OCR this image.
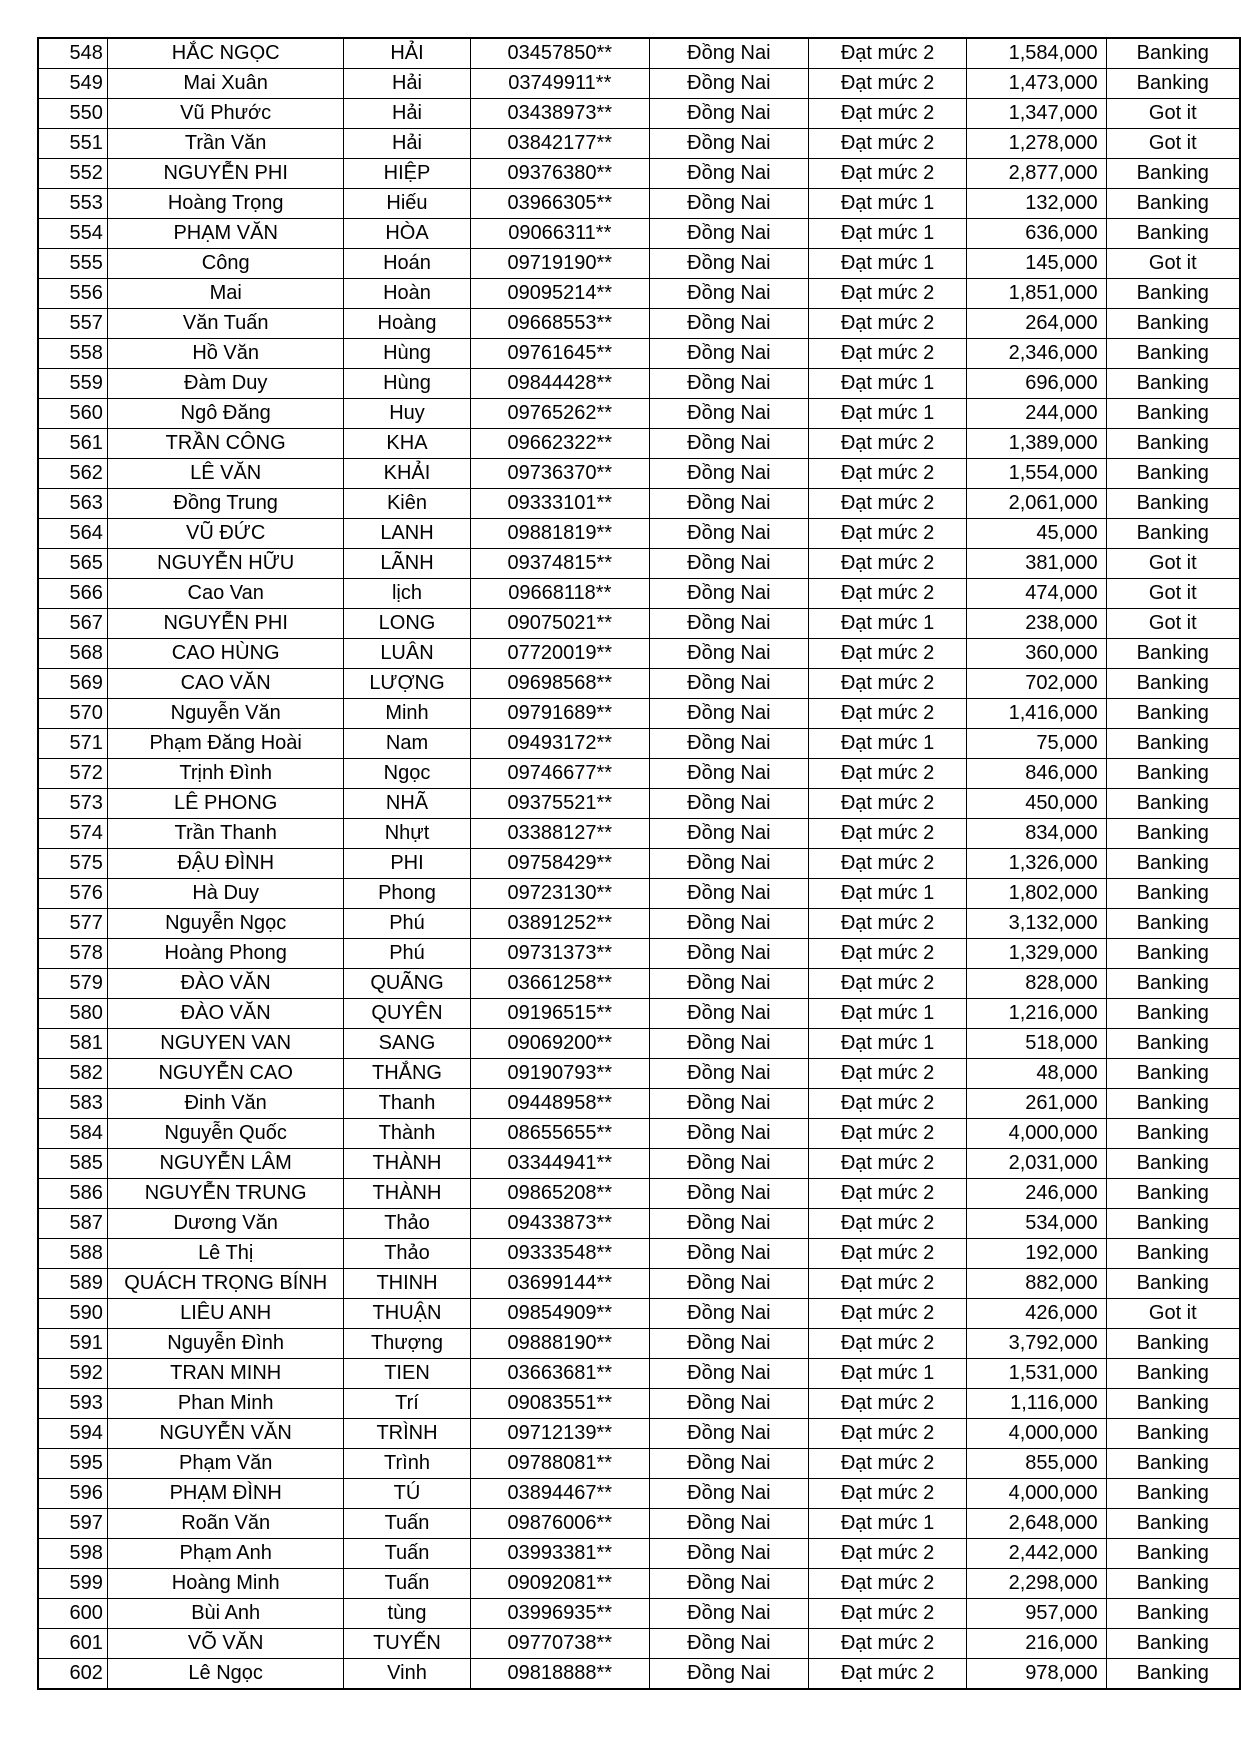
548	HẮC NGỌC	HẢI	03457850**	Đồng Nai	Đạt mức 2	1,584,000	Banking
549	Mai Xuân	Hải	03749911**	Đồng Nai	Đạt mức 2	1,473,000	Banking
550	Vũ Phước	Hải	03438973**	Đồng Nai	Đạt mức 2	1,347,000	Got it
551	Trần Văn	Hải	03842177**	Đồng Nai	Đạt mức 2	1,278,000	Got it
552	NGUYỄN PHI	HIỆP	09376380**	Đồng Nai	Đạt mức 2	2,877,000	Banking
553	Hoàng Trọng	Hiếu	03966305**	Đồng Nai	Đạt mức 1	132,000	Banking
554	PHẠM VĂN	HÒA	09066311**	Đồng Nai	Đạt mức 1	636,000	Banking
555	Công	Hoán	09719190**	Đồng Nai	Đạt mức 1	145,000	Got it
556	Mai	Hoàn	09095214**	Đồng Nai	Đạt mức 2	1,851,000	Banking
557	Văn Tuấn	Hoàng	09668553**	Đồng Nai	Đạt mức 2	264,000	Banking
558	Hồ Văn	Hùng	09761645**	Đồng Nai	Đạt mức 2	2,346,000	Banking
559	Đàm Duy	Hùng	09844428**	Đồng Nai	Đạt mức 1	696,000	Banking
560	Ngô Đăng	Huy	09765262**	Đồng Nai	Đạt mức 1	244,000	Banking
561	TRẦN CÔNG	KHA	09662322**	Đồng Nai	Đạt mức 2	1,389,000	Banking
562	LÊ VĂN	KHẢI	09736370**	Đồng Nai	Đạt mức 2	1,554,000	Banking
563	Đồng Trung	Kiên	09333101**	Đồng Nai	Đạt mức 2	2,061,000	Banking
564	VŨ ĐỨC	LANH	09881819**	Đồng Nai	Đạt mức 2	45,000	Banking
565	NGUYỄN HỮU	LÃNH	09374815**	Đồng Nai	Đạt mức 2	381,000	Got it
566	Cao Van	lịch	09668118**	Đồng Nai	Đạt mức 2	474,000	Got it
567	NGUYỄN PHI	LONG	09075021**	Đồng Nai	Đạt mức 1	238,000	Got it
568	CAO HÙNG	LUÂN	07720019**	Đồng Nai	Đạt mức 2	360,000	Banking
569	CAO VĂN	LƯỢNG	09698568**	Đồng Nai	Đạt mức 2	702,000	Banking
570	Nguyễn Văn	Minh	09791689**	Đồng Nai	Đạt mức 2	1,416,000	Banking
571	Phạm Đăng Hoài	Nam	09493172**	Đồng Nai	Đạt mức 1	75,000	Banking
572	Trịnh Đình	Ngọc	09746677**	Đồng Nai	Đạt mức 2	846,000	Banking
573	LÊ PHONG	NHÃ	09375521**	Đồng Nai	Đạt mức 2	450,000	Banking
574	Trần Thanh	Nhựt	03388127**	Đồng Nai	Đạt mức 2	834,000	Banking
575	ĐẬU ĐÌNH	PHI	09758429**	Đồng Nai	Đạt mức 2	1,326,000	Banking
576	Hà Duy	Phong	09723130**	Đồng Nai	Đạt mức 1	1,802,000	Banking
577	Nguyễn Ngọc	Phú	03891252**	Đồng Nai	Đạt mức 2	3,132,000	Banking
578	Hoàng Phong	Phú	09731373**	Đồng Nai	Đạt mức 2	1,329,000	Banking
579	ĐÀO VĂN	QUÃNG	03661258**	Đồng Nai	Đạt mức 2	828,000	Banking
580	ĐÀO VĂN	QUYÊN	09196515**	Đồng Nai	Đạt mức 1	1,216,000	Banking
581	NGUYEN VAN	SANG	09069200**	Đồng Nai	Đạt mức 1	518,000	Banking
582	NGUYỄN CAO	THẮNG	09190793**	Đồng Nai	Đạt mức 2	48,000	Banking
583	Đinh Văn	Thanh	09448958**	Đồng Nai	Đạt mức 2	261,000	Banking
584	Nguyễn Quốc	Thành	08655655**	Đồng Nai	Đạt mức 2	4,000,000	Banking
585	NGUYỄN LÂM	THÀNH	03344941**	Đồng Nai	Đạt mức 2	2,031,000	Banking
586	NGUYỄN TRUNG	THÀNH	09865208**	Đồng Nai	Đạt mức 2	246,000	Banking
587	Dương Văn	Thảo	09433873**	Đồng Nai	Đạt mức 2	534,000	Banking
588	Lê Thị	Thảo	09333548**	Đồng Nai	Đạt mức 2	192,000	Banking
589	QUÁCH TRỌNG BÍNH	THINH	03699144**	Đồng Nai	Đạt mức 2	882,000	Banking
590	LIÊU ANH	THUẬN	09854909**	Đồng Nai	Đạt mức 2	426,000	Got it
591	Nguyễn Đình	Thượng	09888190**	Đồng Nai	Đạt mức 2	3,792,000	Banking
592	TRAN MINH	TIEN	03663681**	Đồng Nai	Đạt mức 1	1,531,000	Banking
593	Phan Minh	Trí	09083551**	Đồng Nai	Đạt mức 2	1,116,000	Banking
594	NGUYỄN VĂN	TRÌNH	09712139**	Đồng Nai	Đạt mức 2	4,000,000	Banking
595	Phạm Văn	Trình	09788081**	Đồng Nai	Đạt mức 2	855,000	Banking
596	PHẠM ĐÌNH	TÚ	03894467**	Đồng Nai	Đạt mức 2	4,000,000	Banking
597	Roãn Văn	Tuấn	09876006**	Đồng Nai	Đạt mức 1	2,648,000	Banking
598	Phạm Anh	Tuấn	03993381**	Đồng Nai	Đạt mức 2	2,442,000	Banking
599	Hoàng Minh	Tuấn	09092081**	Đồng Nai	Đạt mức 2	2,298,000	Banking
600	Bùi Anh	tùng	03996935**	Đồng Nai	Đạt mức 2	957,000	Banking
601	VÕ VĂN	TUYẾN	09770738**	Đồng Nai	Đạt mức 2	216,000	Banking
602	Lê Ngọc	Vinh	09818888**	Đồng Nai	Đạt mức 2	978,000	Banking
